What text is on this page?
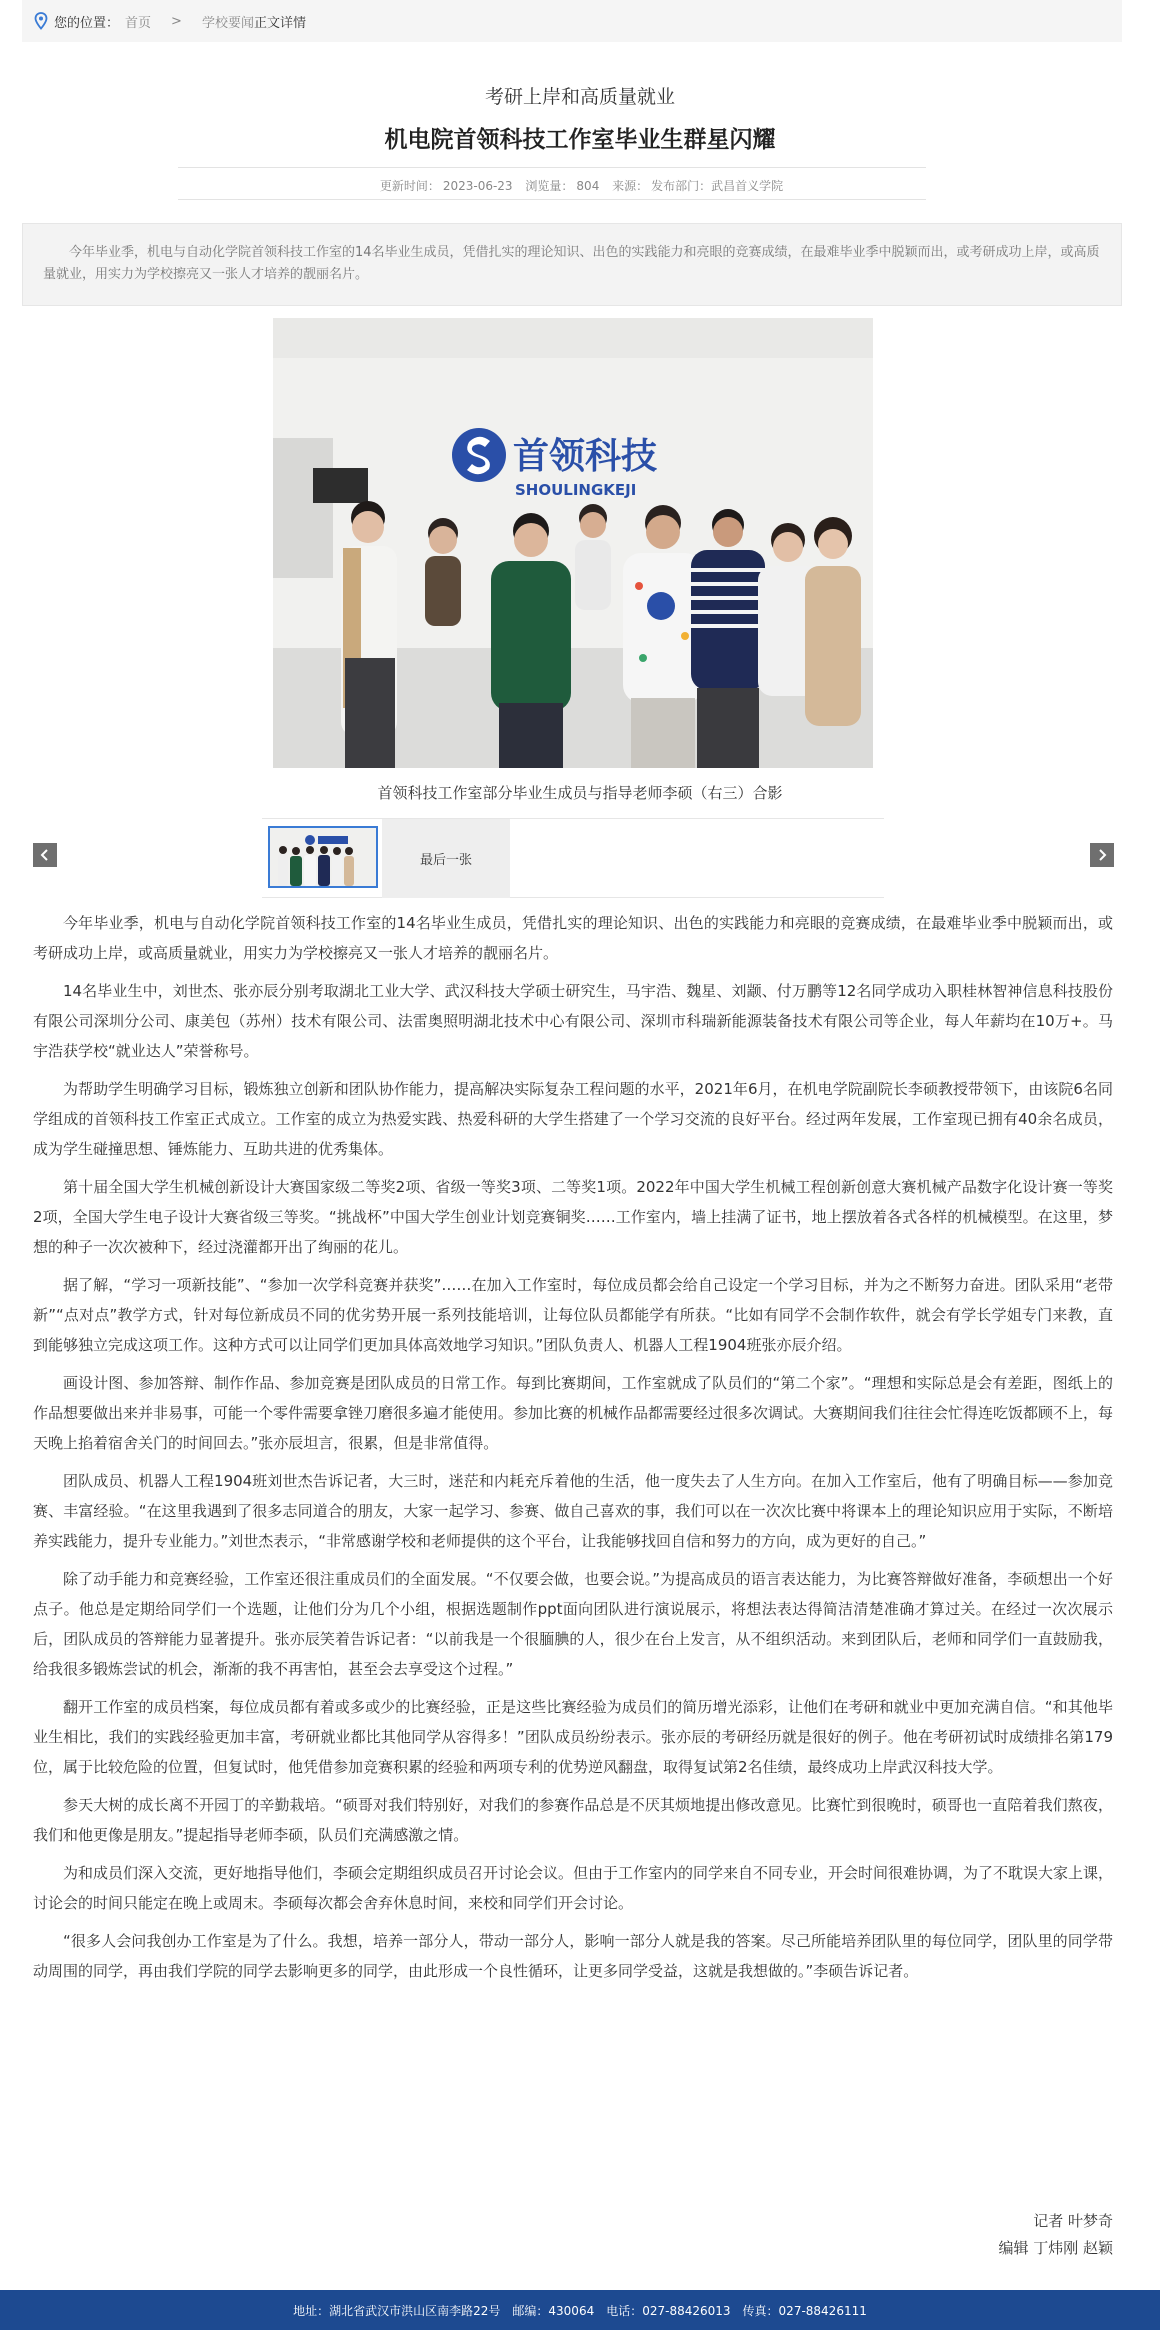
您的位置： 首页 > 学校要闻 正文详情
考研上岸和高质量就业
机电院首领科技工作室毕业生群星闪耀
更新时间： 2023-06-23 浏览量： 804 来源： 发布部门：武昌首义学院
今年毕业季，机电与自动化学院首领科技工作室的14名毕业生成员，凭借扎实的理论知识、出色的实践能力和亮眼的竞赛成绩，在最难毕业季中脱颖而出，或考研成功上岸，或高质量就业，用实力为学校擦亮又一张人才培养的靓丽名片。
首领科技
SHOULINGKEJI
首领科技工作室部分毕业生成员与指导老师李硕（右三）合影
最后一张

今年毕业季，机电与自动化学院首领科技工作室的14名毕业生成员，凭借扎实的理论知识、出色的实践能力和亮眼的竞赛成绩，在最难毕业季中脱颖而出，或考研成功上岸，或高质量就业，用实力为学校擦亮又一张人才培养的靓丽名片。

14名毕业生中，刘世杰、张亦辰分别考取湖北工业大学、武汉科技大学硕士研究生，马宇浩、魏星、刘颛、付万鹏等12名同学成功入职桂林智神信息科技股份有限公司深圳分公司、康美包（苏州）技术有限公司、法雷奥照明湖北技术中心有限公司、深圳市科瑞新能源装备技术有限公司等企业，每人年薪均在10万+。马宇浩获学校“就业达人”荣誉称号。

为帮助学生明确学习目标，锻炼独立创新和团队协作能力，提高解决实际复杂工程问题的水平，2021年6月，在机电学院副院长李硕教授带领下，由该院6名同学组成的首领科技工作室正式成立。工作室的成立为热爱实践、热爱科研的大学生搭建了一个学习交流的良好平台。经过两年发展，工作室现已拥有40余名成员，成为学生碰撞思想、锤炼能力、互助共进的优秀集体。

第十届全国大学生机械创新设计大赛国家级二等奖2项、省级一等奖3项、二等奖1项。2022年中国大学生机械工程创新创意大赛机械产品数字化设计赛一等奖2项，全国大学生电子设计大赛省级三等奖。“挑战杯”中国大学生创业计划竞赛铜奖……工作室内，墙上挂满了证书，地上摆放着各式各样的机械模型。在这里，梦想的种子一次次被种下，经过浇灌都开出了绚丽的花儿。

据了解，“学习一项新技能”、“参加一次学科竞赛并获奖”……在加入工作室时，每位成员都会给自己设定一个学习目标，并为之不断努力奋进。团队采用“老带新”“点对点”教学方式，针对每位新成员不同的优劣势开展一系列技能培训，让每位队员都能学有所获。“比如有同学不会制作软件，就会有学长学姐专门来教，直到能够独立完成这项工作。这种方式可以让同学们更加具体高效地学习知识。”团队负责人、机器人工程1904班张亦辰介绍。

画设计图、参加答辩、制作作品、参加竞赛是团队成员的日常工作。每到比赛期间，工作室就成了队员们的“第二个家”。“理想和实际总是会有差距，图纸上的作品想要做出来并非易事，可能一个零件需要拿锉刀磨很多遍才能使用。参加比赛的机械作品都需要经过很多次调试。大赛期间我们往往会忙得连吃饭都顾不上，每天晚上掐着宿舍关门的时间回去。”张亦辰坦言，很累，但是非常值得。

团队成员、机器人工程1904班刘世杰告诉记者，大三时，迷茫和内耗充斥着他的生活，他一度失去了人生方向。在加入工作室后，他有了明确目标——参加竞赛、丰富经验。“在这里我遇到了很多志同道合的朋友，大家一起学习、参赛、做自己喜欢的事，我们可以在一次次比赛中将课本上的理论知识应用于实际，不断培养实践能力，提升专业能力。”刘世杰表示，“非常感谢学校和老师提供的这个平台，让我能够找回自信和努力的方向，成为更好的自己。”

除了动手能力和竞赛经验，工作室还很注重成员们的全面发展。“不仅要会做，也要会说。”为提高成员的语言表达能力，为比赛答辩做好准备，李硕想出一个好点子。他总是定期给同学们一个选题，让他们分为几个小组，根据选题制作ppt面向团队进行演说展示，将想法表达得简洁清楚准确才算过关。在经过一次次展示后，团队成员的答辩能力显著提升。张亦辰笑着告诉记者：“以前我是一个很腼腆的人，很少在台上发言，从不组织活动。来到团队后，老师和同学们一直鼓励我，给我很多锻炼尝试的机会，渐渐的我不再害怕，甚至会去享受这个过程。”

翻开工作室的成员档案，每位成员都有着或多或少的比赛经验，正是这些比赛经验为成员们的简历增光添彩，让他们在考研和就业中更加充满自信。“和其他毕业生相比，我们的实践经验更加丰富，考研就业都比其他同学从容得多！”团队成员纷纷表示。张亦辰的考研经历就是很好的例子。他在考研初试时成绩排名第179位，属于比较危险的位置，但复试时，他凭借参加竞赛积累的经验和两项专利的优势逆风翻盘，取得复试第2名佳绩，最终成功上岸武汉科技大学。

参天大树的成长离不开园丁的辛勤栽培。“硕哥对我们特别好，对我们的参赛作品总是不厌其烦地提出修改意见。比赛忙到很晚时，硕哥也一直陪着我们熬夜，我们和他更像是朋友。”提起指导老师李硕，队员们充满感激之情。

为和成员们深入交流，更好地指导他们，李硕会定期组织成员召开讨论会议。但由于工作室内的同学来自不同专业，开会时间很难协调，为了不耽误大家上课，讨论会的时间只能定在晚上或周末。李硕每次都会舍弃休息时间，来校和同学们开会讨论。

“很多人会问我创办工作室是为了什么。我想，培养一部分人，带动一部分人，影响一部分人就是我的答案。尽己所能培养团队里的每位同学，团队里的同学带动周围的同学，再由我们学院的同学去影响更多的同学，由此形成一个良性循环，让更多同学受益，这就是我想做的。”李硕告诉记者。

记者 叶梦奇
编辑 丁炜刚 赵颖
地址：湖北省武汉市洪山区南李路22号 邮编：430064 电话：027-88426013 传真：027-88426111
